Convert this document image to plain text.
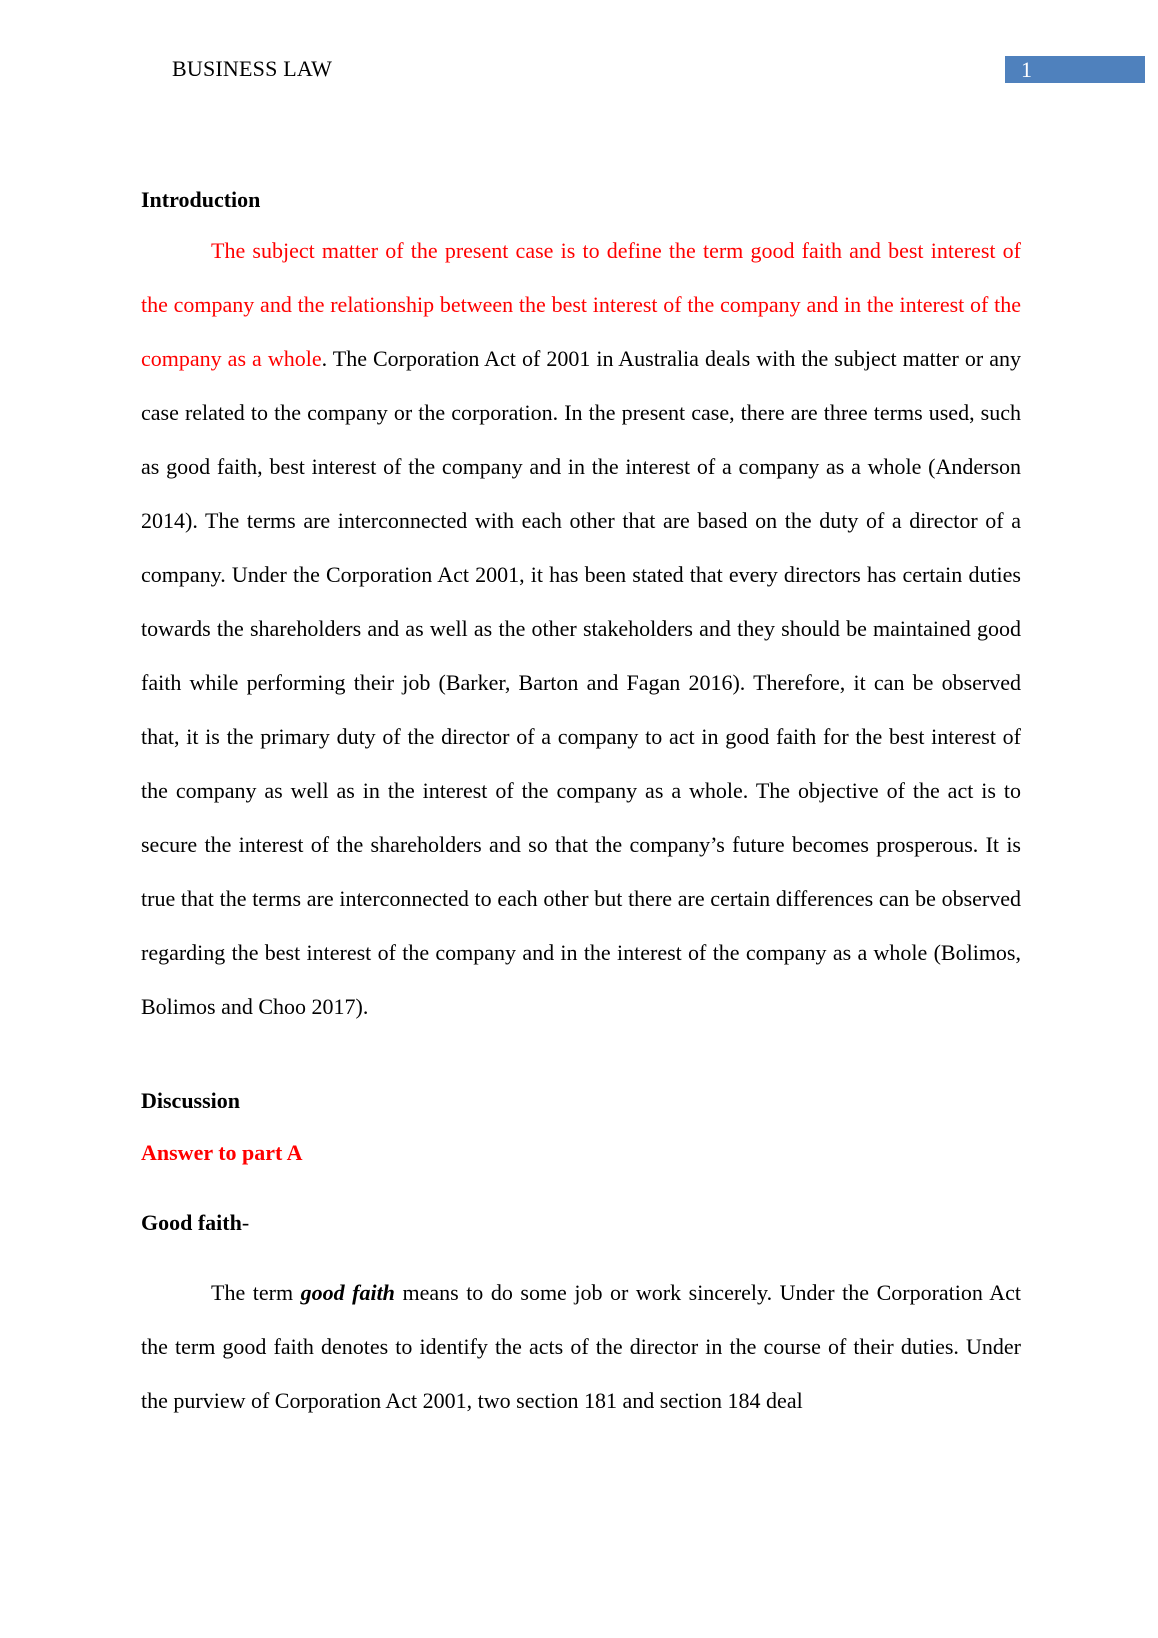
BUSINESS LAW	1
Introduction

The subject matter of the present case is to define the term good faith and best interest of the company and the relationship between the best interest of the company and in the interest of the company as a whole. The Corporation Act of 2001 in Australia deals with the subject matter or any case related to the company or the corporation. In the present case, there are three terms used, such as good faith, best interest of the company and in the interest of a company as a whole (Anderson 2014). The terms are interconnected with each other that are based on the duty of a director of a company. Under the Corporation Act 2001, it has been stated that every directors has certain duties towards the shareholders and as well as the other stakeholders and they should be maintained good faith while performing their job (Barker, Barton and Fagan 2016). Therefore, it can be observed that, it is the primary duty of the director of a company to act in good faith for the best interest of the company as well as in the interest of the company as a whole. The objective of the act is to secure the interest of the shareholders and so that the company’s future becomes prosperous. It is true that the terms are interconnected to each other but there are certain differences can be observed regarding the best interest of the company and in the interest of the company as a whole (Bolimos, Bolimos and Choo 2017).

Discussion
Answer to part A
Good faith-

The term good faith means to do some job or work sincerely. Under the Corporation Act the term good faith denotes to identify the acts of the director in the course of their duties. Under the purview of Corporation Act 2001, two section 181 and section 184 deal
